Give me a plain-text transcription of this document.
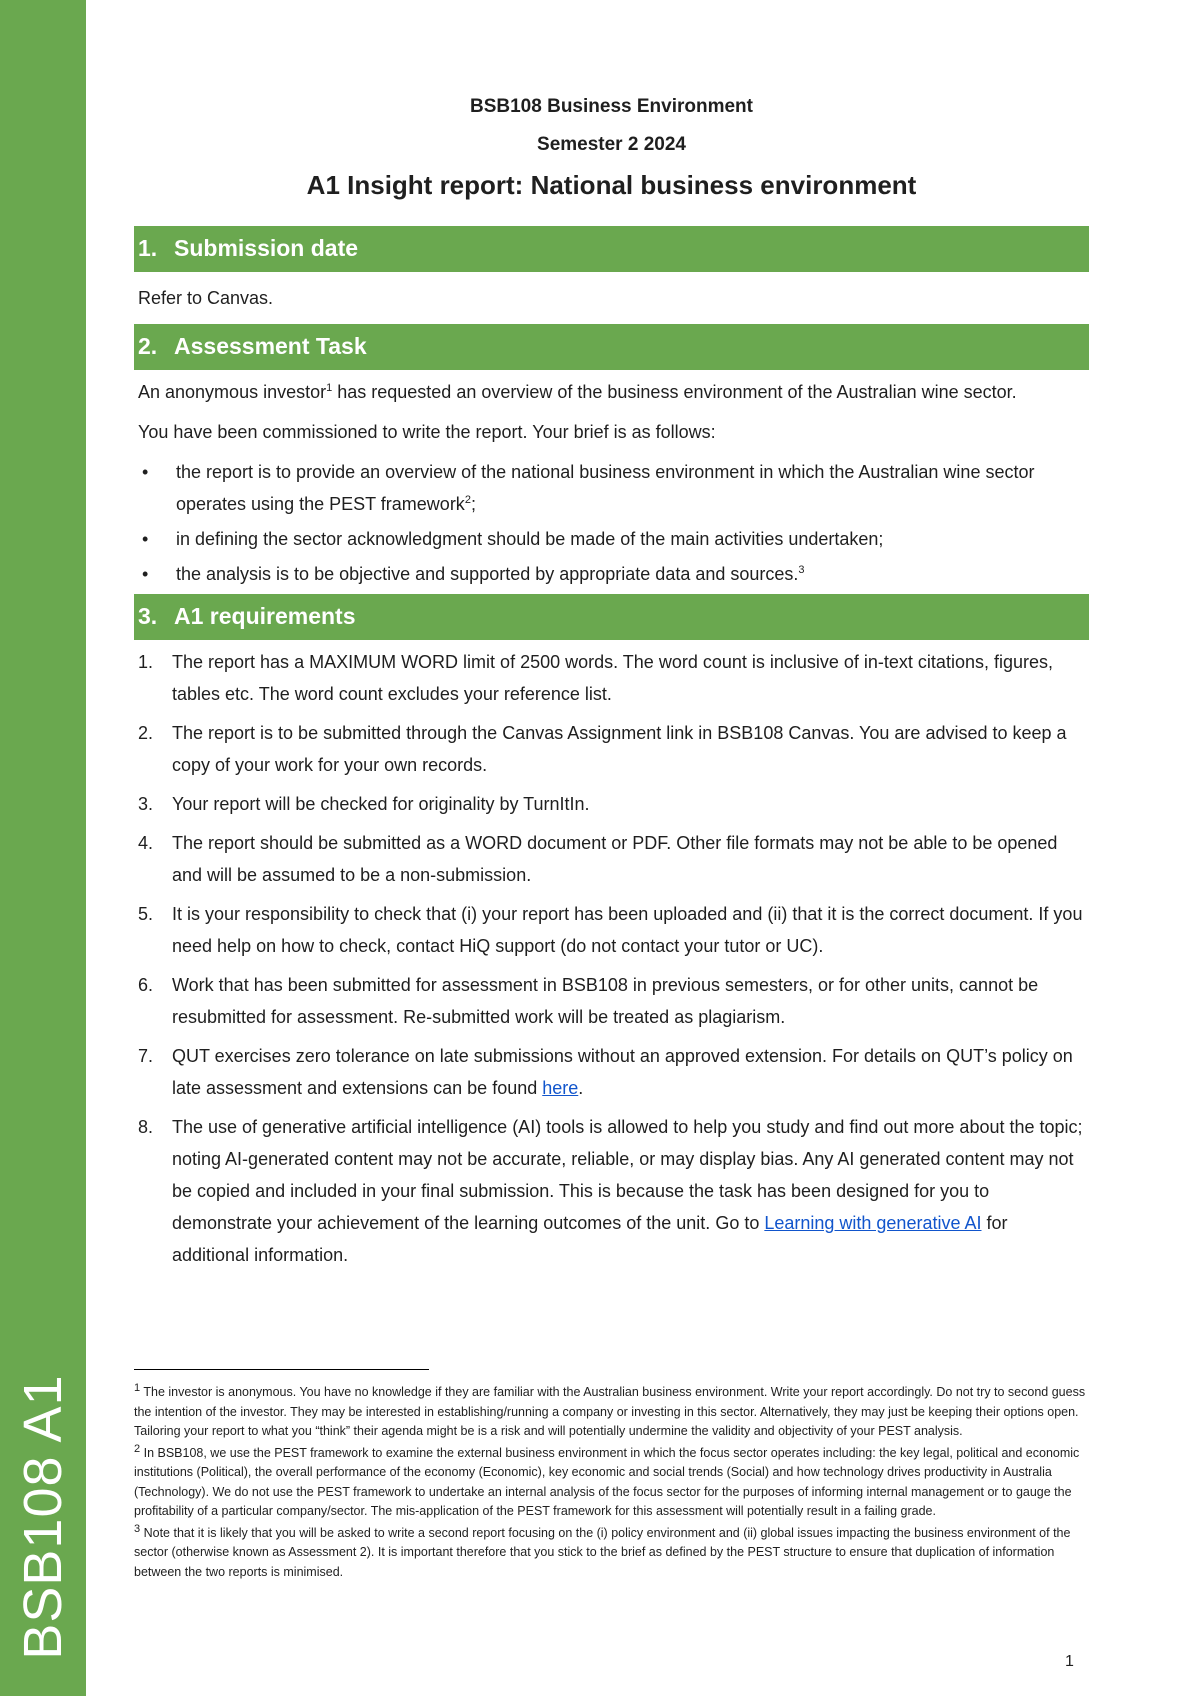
BSB108 A1
BSB108 Business Environment
Semester 2 2024
A1 Insight report: National business environment
1. Submission date

Refer to Canvas.

2. Assessment Task

An anonymous investor$^1$ has requested an overview of the business environment of the Australian wine sector.

You have been commissioned to write the report. Your brief is as follows:

• the report is to provide an overview of the national business environment in which the Australian wine sector operates using the PEST framework$^2$;
• in defining the sector acknowledgment should be made of the main activities undertaken;
• the analysis is to be objective and supported by appropriate data and sources.$^3$
3. A1 requirements
1. The report has a MAXIMUM WORD limit of 2500 words. The word count is inclusive of in-text citations, figures, tables etc. The word count excludes your reference list.
2. The report is to be submitted through the Canvas Assignment link in BSB108 Canvas. You are advised to keep a copy of your work for your own records.
3. Your report will be checked for originality by TurnItIn.
4. The report should be submitted as a WORD document or PDF. Other file formats may not be able to be opened and will be assumed to be a non-submission.
5. It is your responsibility to check that (i) your report has been uploaded and (ii) that it is the correct document. If you need help on how to check, contact HiQ support (do not contact your tutor or UC).
6. Work that has been submitted for assessment in BSB108 in previous semesters, or for other units, cannot be resubmitted for assessment. Re-submitted work will be treated as plagiarism.
7. QUT exercises zero tolerance on late submissions without an approved extension. For details on QUT’s policy on late assessment and extensions can be found here.
8. The use of generative artificial intelligence (AI) tools is allowed to help you study and find out more about the topic; noting AI-generated content may not be accurate, reliable, or may display bias. Any AI generated content may not be copied and included in your final submission. This is because the task has been designed for you to demonstrate your achievement of the learning outcomes of the unit. Go to Learning with generative AI for additional information.

$^1$ The investor is anonymous. You have no knowledge if they are familiar with the Australian business environment. Write your report accordingly. Do not try to second guess the intention of the investor. They may be interested in establishing/running a company or investing in this sector. Alternatively, they may just be keeping their options open. Tailoring your report to what you “think” their agenda might be is a risk and will potentially undermine the validity and objectivity of your PEST analysis.

$^2$ In BSB108, we use the PEST framework to examine the external business environment in which the focus sector operates including: the key legal, political and economic institutions (Political), the overall performance of the economy (Economic), key economic and social trends (Social) and how technology drives productivity in Australia (Technology). We do not use the PEST framework to undertake an internal analysis of the focus sector for the purposes of informing internal management or to gauge the profitability of a particular company/sector. The mis-application of the PEST framework for this assessment will potentially result in a failing grade.

$^3$ Note that it is likely that you will be asked to write a second report focusing on the (i) policy environment and (ii) global issues impacting the business environment of the sector (otherwise known as Assessment 2). It is important therefore that you stick to the brief as defined by the PEST structure to ensure that duplication of information between the two reports is minimised.

1
